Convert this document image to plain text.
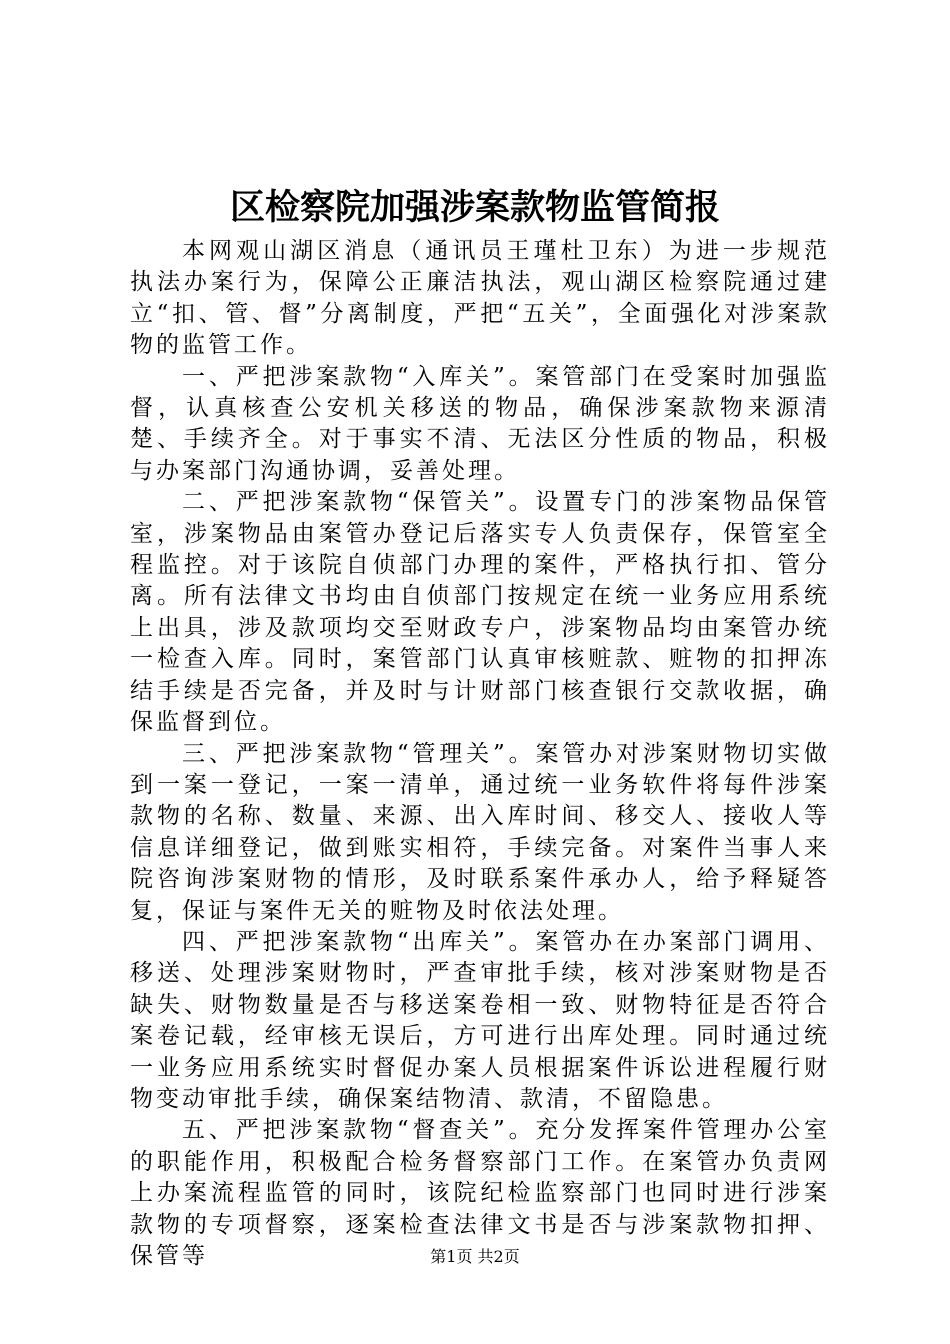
区检察院加强涉案款物监管简报

本网观山湖区消息（通讯员王瑾杜卫东）为进一步规范执法办案行为，保障公正廉洁执法，观山湖区检察院通过建立“扣、管、督”分离制度，严把“五关”，全面强化对涉案款物的监管工作。

一、严把涉案款物“入库关”。案管部门在受案时加强监督，认真核查公安机关移送的物品，确保涉案款物来源清楚、手续齐全。对于事实不清、无法区分性质的物品，积极与办案部门沟通协调，妥善处理。

二、严把涉案款物“保管关”。设置专门的涉案物品保管室，涉案物品由案管办登记后落实专人负责保存，保管室全程监控。对于该院自侦部门办理的案件，严格执行扣、管分离。所有法律文书均由自侦部门按规定在统一业务应用系统上出具，涉及款项均交至财政专户，涉案物品均由案管办统一检查入库。同时，案管部门认真审核赃款、赃物的扣押冻结手续是否完备，并及时与计财部门核查银行交款收据，确保监督到位。

三、严把涉案款物“管理关”。案管办对涉案财物切实做到一案一登记，一案一清单，通过统一业务软件将每件涉案款物的名称、数量、来源、出入库时间、移交人、接收人等信息详细登记，做到账实相符，手续完备。对案件当事人来院咨询涉案财物的情形，及时联系案件承办人，给予释疑答复，保证与案件无关的赃物及时依法处理。

四、严把涉案款物“出库关”。案管办在办案部门调用、移送、处理涉案财物时，严查审批手续，核对涉案财物是否缺失、财物数量是否与移送案卷相一致、财物特征是否符合案卷记载，经审核无误后，方可进行出库处理。同时通过统一业务应用系统实时督促办案人员根据案件诉讼进程履行财物变动审批手续，确保案结物清、款清，不留隐患。

五、严把涉案款物“督查关”。充分发挥案件管理办公室的职能作用，积极配合检务督察部门工作。在案管办负责网上办案流程监管的同时，该院纪检监察部门也同时进行涉案款物的专项督察，逐案检查法律文书是否与涉案款物扣押、保管等	第1页 共2页
